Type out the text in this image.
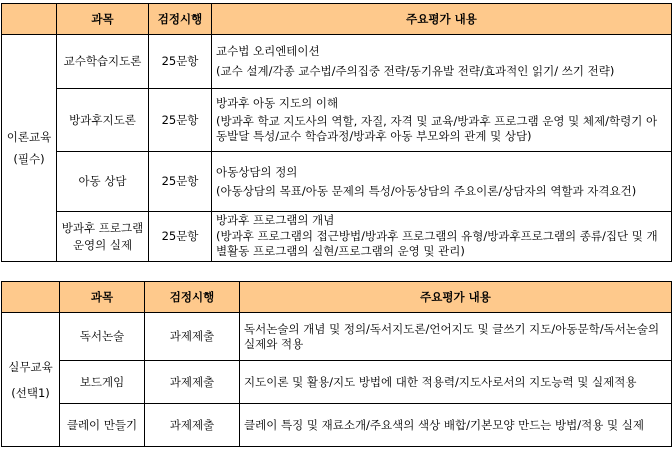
	과목	검정시행	주요평가 내용

이론교육
(필수)	교수학습지도론	25문항	교수법 오리엔테이션
(교수 설계/각종 교수법/주의집중 전략/동기유발 전략/효과적인 읽기/ 쓰기 전략)

	방과후지도론	25문항	방과후 아동 지도의 이해
(방과후 학교 지도사의 역할, 자질, 자격 및 교육/방과후 프로그램 운영 및 체제/학령기 아동발달 특성/교수 학습과정/방과후 아동 부모와의 관계 및 상담)

	아동 상담	25문항	아동상담의 정의
(아동상담의 목표/아동 문제의 특성/아동상담의 주요이론/상담자의 역할과 자격요건)

	방과후 프로그램
운영의 실제	25문항	방과후 프로그램의 개념
(방과후 프로그램의 접근방법/방과후 프로그램의 유형/방과후프로그램의 종류/집단 및 개별활동 프로그램의 실현/프로그램의 운영 및 관리)
	과목	검정시행	주요평가 내용

실무교육
(선택1)	독서논술	과제제출	독서논술의 개념 및 정의/독서지도론/언어지도 및 글쓰기 지도/아동문학/독서논술의 실제와 적용

	보드게임	과제제출	지도이론 및 활용/지도 방법에 대한 적용력/지도사로서의 지도능력 및 실제적용

	클레이 만들기	과제제출	클레이 특징 및 재료소개/주요색의 색상 배합/기본모양 만드는 방법/적용 및 실제
